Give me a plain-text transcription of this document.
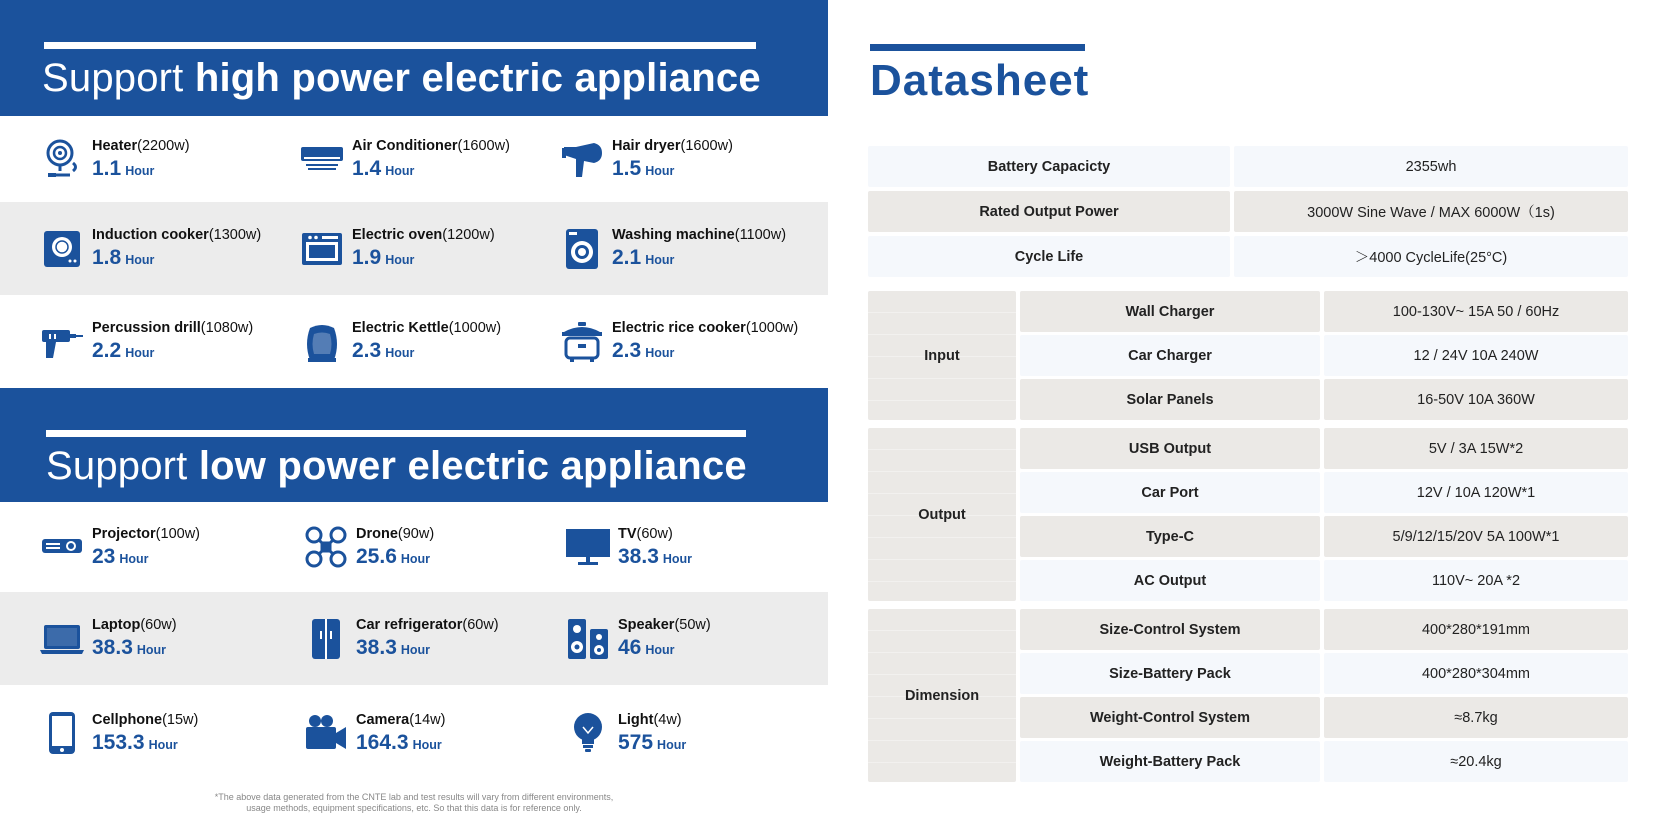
Support high power electric appliance
Heater(2200w)
1.1 Hour
Air Conditioner(1600w)
1.4 Hour
Hair dryer(1600w)
1.5 Hour
Induction cooker(1300w)
1.8 Hour
Electric oven(1200w)
1.9 Hour
Washing machine(1100w)
2.1 Hour
Percussion drill(1080w)
2.2 Hour
Electric Kettle(1000w)
2.3 Hour
Electric rice cooker(1000w)
2.3 Hour
Support low power electric appliance
Projector(100w)
23 Hour
Drone(90w)
25.6 Hour
TV(60w)
38.3 Hour
Laptop(60w)
38.3 Hour
Car refrigerator(60w)
38.3 Hour
Speaker(50w)
46 Hour
Cellphone(15w)
153.3 Hour
Camera(14w)
164.3 Hour
Light(4w)
575 Hour
*The above data generated from the CNTE lab and test results will vary from different environments,
usage methods, equipment specifications, etc. So that this data is for reference only.
Datasheet
Battery Capacicty	2355wh
Rated Output Power	3000W Sine Wave / MAX 6000W（1s)
Cycle Life	＞4000 CycleLife(25°C)
Input
Wall Charger	100-130V~ 15A 50 / 60Hz
Car Charger	12 / 24V 10A 240W
Solar Panels	16-50V 10A 360W
Output
USB Output	5V / 3A 15W*2
Car Port	12V / 10A 120W*1
Type-C	5/9/12/15/20V 5A 100W*1
AC Output	110V~ 20A *2
Dimension
Size-Control System	400*280*191mm
Size-Battery Pack	400*280*304mm
Weight-Control System	≈8.7kg
Weight-Battery Pack	≈20.4kg
